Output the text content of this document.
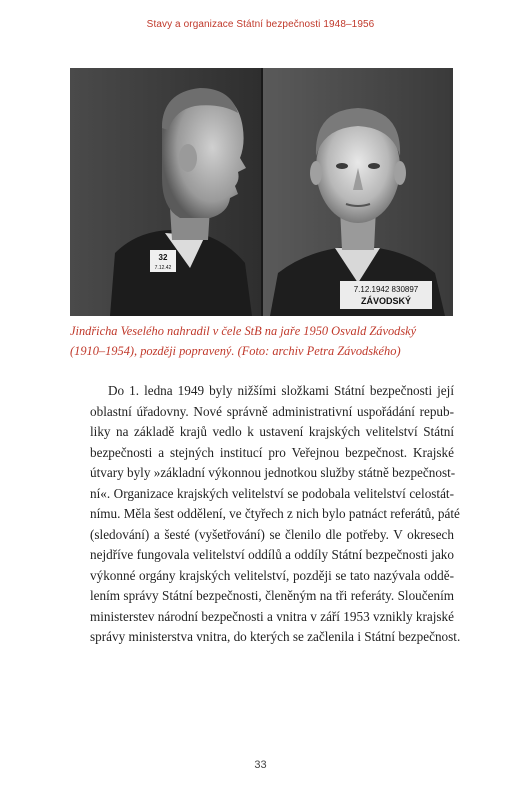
Stavy a organizace Státní bezpečnosti 1948–1956
32
7.12.42
7.12.1942 830897
ZÁVODSKÝ
Jindřicha Veselého nahradil v čele StB na jaře 1950 Osvald Závodský
(1910–1954), později popravený. (Foto: archiv Petra Závodského)
Do 1. ledna 1949 byly nižšími složkami Státní bezpečnosti její
oblastní úřadovny. Nové správně administrativní uspořádání repub-
liky na základě krajů vedlo k ustavení krajských velitelství Státní
bezpečnosti a stejných institucí pro Veřejnou bezpečnost. Krajské
útvary byly »základní výkonnou jednotkou služby státně bezpečnost-
ní«. Organizace krajských velitelství se podobala velitelství celostát-
nímu. Měla šest oddělení, ve čtyřech z nich bylo patnáct referátů, páté
(sledování) a šesté (vyšetřování) se členilo dle potřeby. V okresech
nejdříve fungovala velitelství oddílů a oddíly Státní bezpečnosti jako
výkonné orgány krajských velitelství, později se tato nazývala oddě-
lením správy Státní bezpečnosti, členěným na tři referáty. Sloučením
ministerstev národní bezpečnosti a vnitra v září 1953 vznikly krajské
správy ministerstva vnitra, do kterých se začlenila i Státní bezpečnost.
33
